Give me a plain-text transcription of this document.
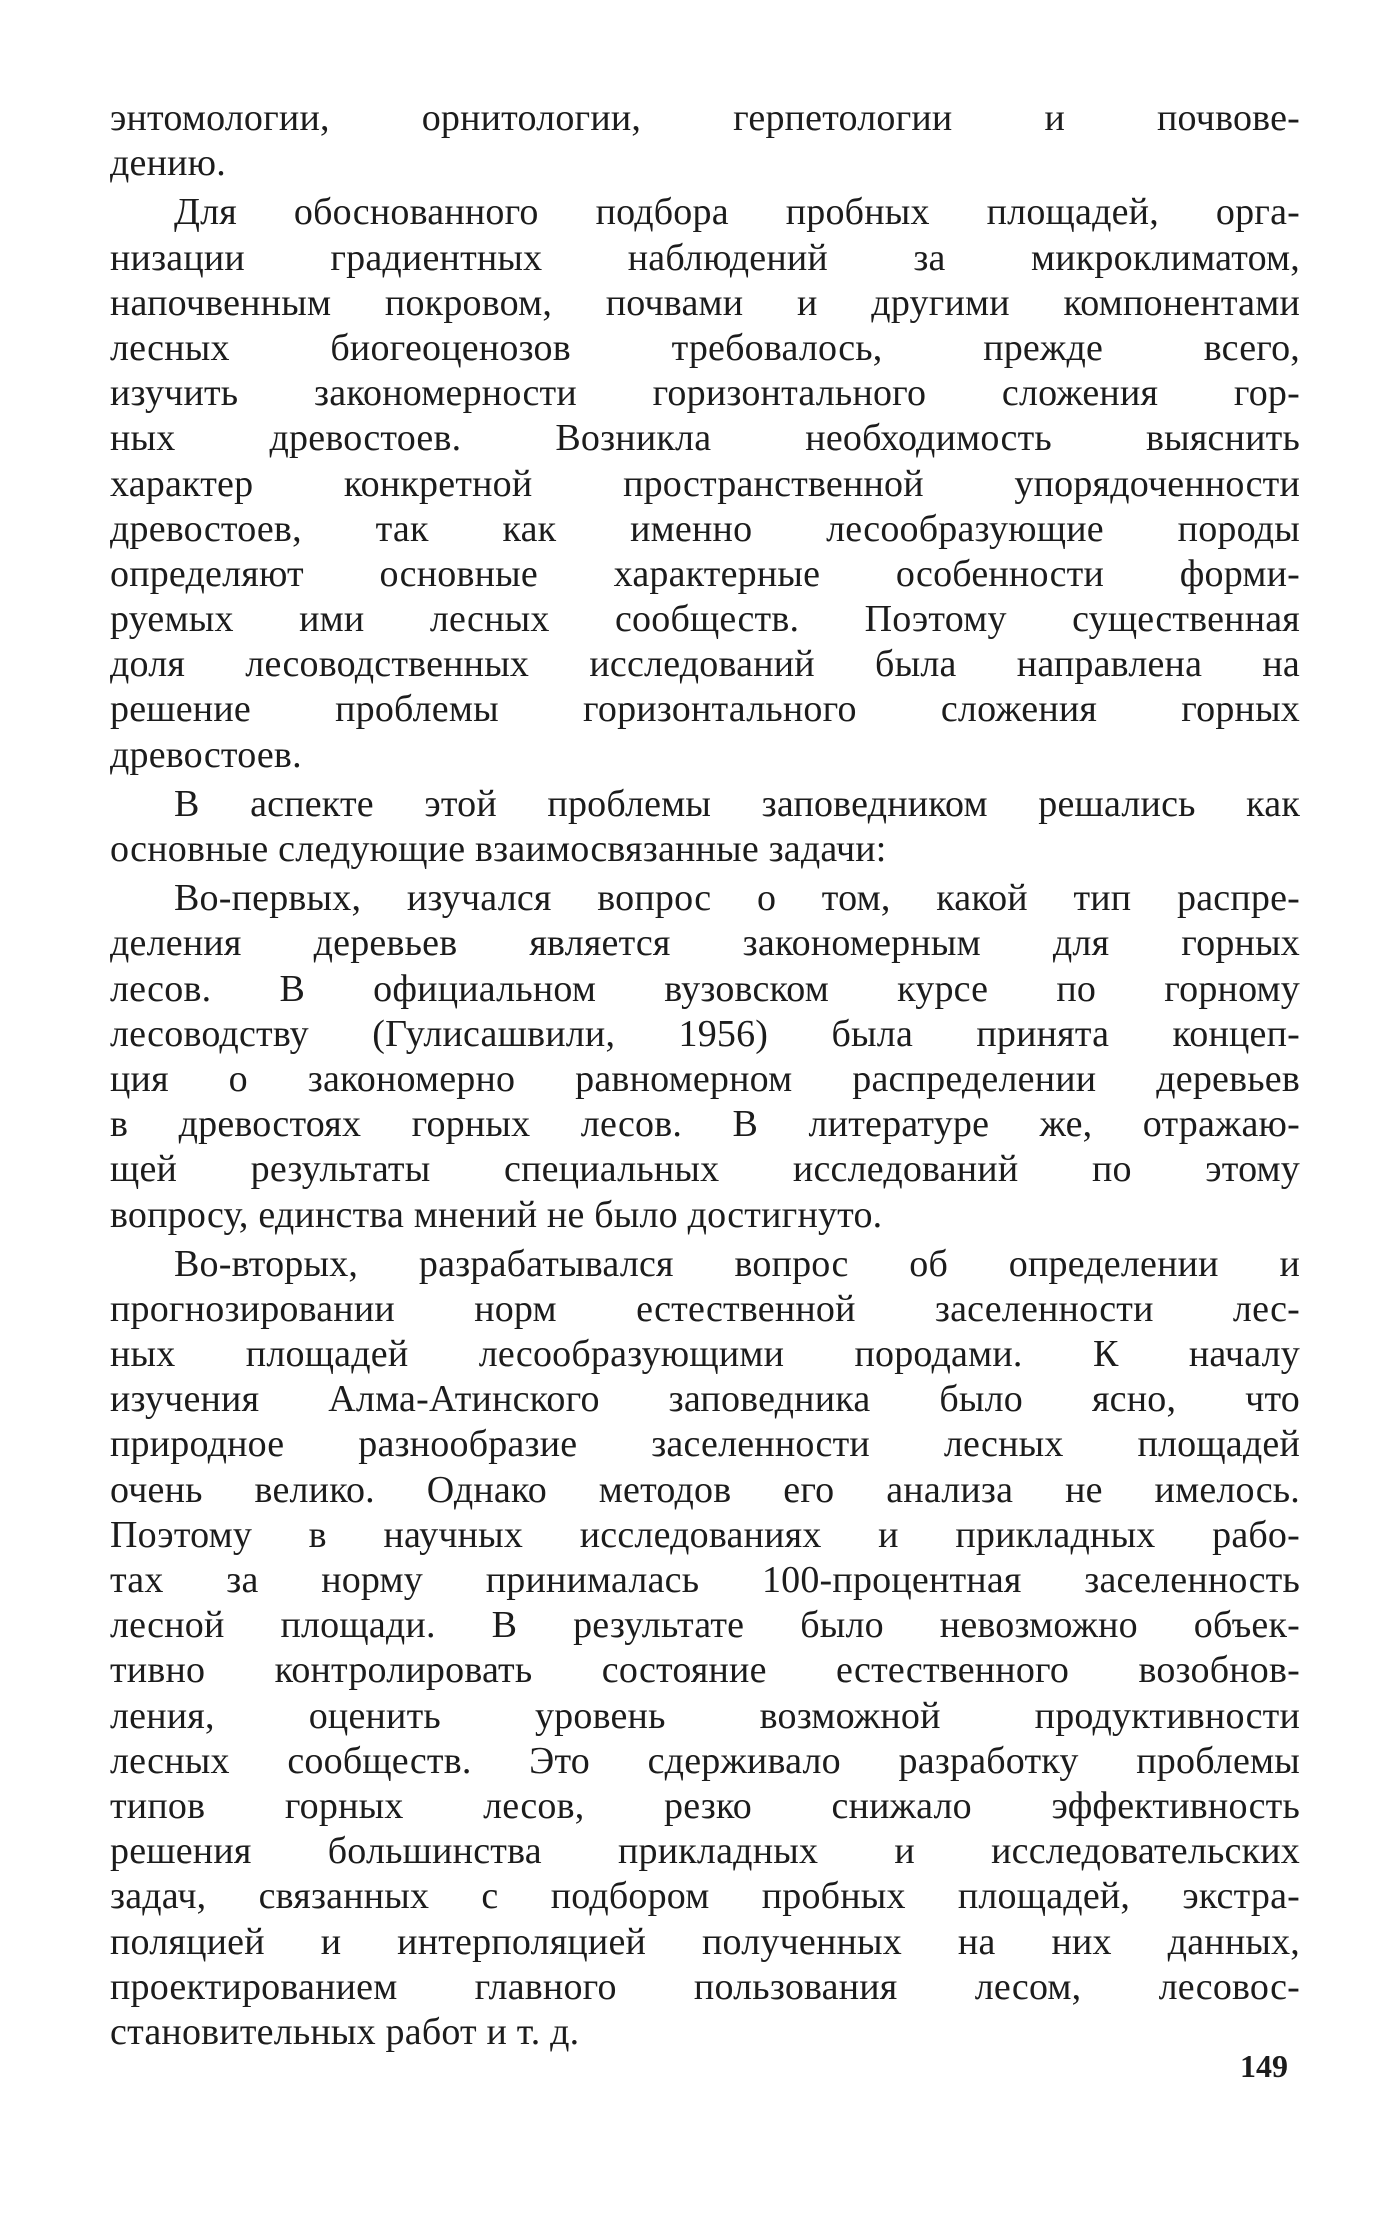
энтомологии, орнитологии, герпетологии и почвове-
дению.
Для обоснованного подбора пробных площадей, орга-
низации градиентных наблюдений за микроклиматом,
напочвенным покровом, почвами и другими компонентами
лесных биогеоценозов требовалось, прежде всего,
изучить закономерности горизонтального сложения гор-
ных древостоев. Возникла необходимость выяснить
характер конкретной пространственной упорядоченности
древостоев, так как именно лесообразующие породы
определяют основные характерные особенности форми-
руемых ими лесных сообществ. Поэтому существенная
доля лесоводственных исследований была направлена на
решение проблемы горизонтального сложения горных
древостоев.
В аспекте этой проблемы заповедником решались как
основные следующие взаимосвязанные задачи:
Во-первых, изучался вопрос о том, какой тип распре-
деления деревьев является закономерным для горных
лесов. В официальном вузовском курсе по горному
лесоводству (Гулисашвили, 1956) была принята концеп-
ция о закономерно равномерном распределении деревьев
в древостоях горных лесов. В литературе же, отражаю-
щей результаты специальных исследований по этому
вопросу, единства мнений не было достигнуто.
Во-вторых, разрабатывался вопрос об определении и
прогнозировании норм естественной заселенности лес-
ных площадей лесообразующими породами. К началу
изучения Алма-Атинского заповедника было ясно, что
природное разнообразие заселенности лесных площадей
очень велико. Однако методов его анализа не имелось.
Поэтому в научных исследованиях и прикладных рабо-
тах за норму принималась 100-процентная заселенность
лесной площади. В результате было невозможно объек-
тивно контролировать состояние естественного возобнов-
ления, оценить уровень возможной продуктивности
лесных сообществ. Это сдерживало разработку проблемы
типов горных лесов, резко снижало эффективность
решения большинства прикладных и исследовательских
задач, связанных с подбором пробных площадей, экстра-
поляцией и интерполяцией полученных на них данных,
проектированием главного пользования лесом, лесовос-
становительных работ и т. д.
149
